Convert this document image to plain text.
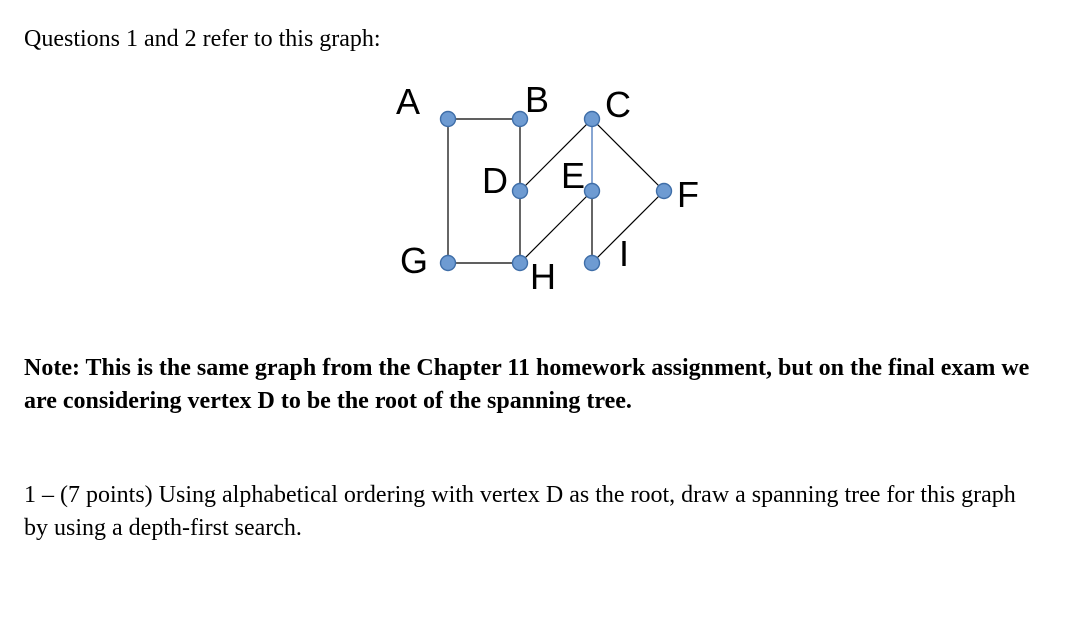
Questions 1 and 2 refer to this graph:

A	B C
D E	F
G	H
I

Note: This is the same graph from the Chapter 11 homework assignment, but on the final exam we are considering vertex D to be the root of the spanning tree.

1 – (7 points) Using alphabetical ordering with vertex D as the root, draw a spanning tree for this graph by using a depth-first search.
